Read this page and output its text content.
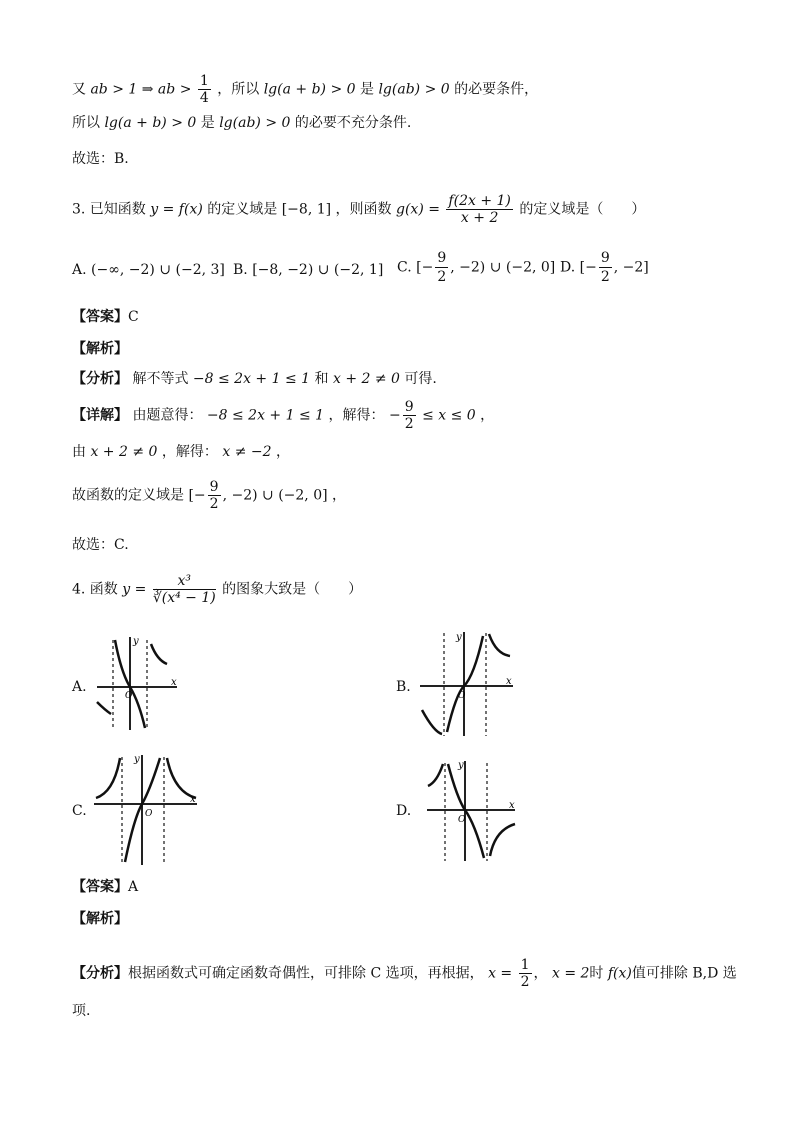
又 ab > 1 ⇒ ab > $\frac{1}{4}$ ，所以 lg(a + b) > 0 是 lg(ab) > 0 的必要条件，
所以 lg(a + b) > 0 是 lg(ab) > 0 的必要不充分条件.
故选：B.
3. 已知函数 y = f(x) 的定义域是 [−8, 1] ，则函数 $g(x) = \frac{f(2x + 1)}{x + 2}$ 的定义域是（　　）
A. (−∞, −2) ∪ (−2, 3] B. [−8, −2) ∪ (−2, 1] C. [− $\frac{9}{2}$ , −2) ∪ (−2, 0] D. [− $\frac{9}{2}$ , −2]
【答案】C
【解析】
【分析】 解不等式 −8 ≤ 2x + 1 ≤ 1 和 x + 2 ≠ 0 可得.
【详解】 由题意得： −8 ≤ 2x + 1 ≤ 1 ，解得： − $\frac{9}{2} \le x \le 0$ ，
由 x + 2 ≠ 0 ，解得： x ≠ −2 ，
故函数的定义域是 [− $\frac{9}{2}$ , −2) ∪ (−2, 0] ，
故选：C.
4. 函数 $y = \frac{\text{x³}}{\text{∛(x⁴ − 1)}}$ 的图象大致是（　　）
A.	x
y
O
B.	x
y
O
C.
x
y
O	D.	x
y
O
【答案】A
【解析】
【分析】根据函数式可确定函数奇偶性，可排除 C 选项，再根据， $x = \frac{1}{2}$ ， x = 2时 f(x)值可排除 B,D 选
项.
